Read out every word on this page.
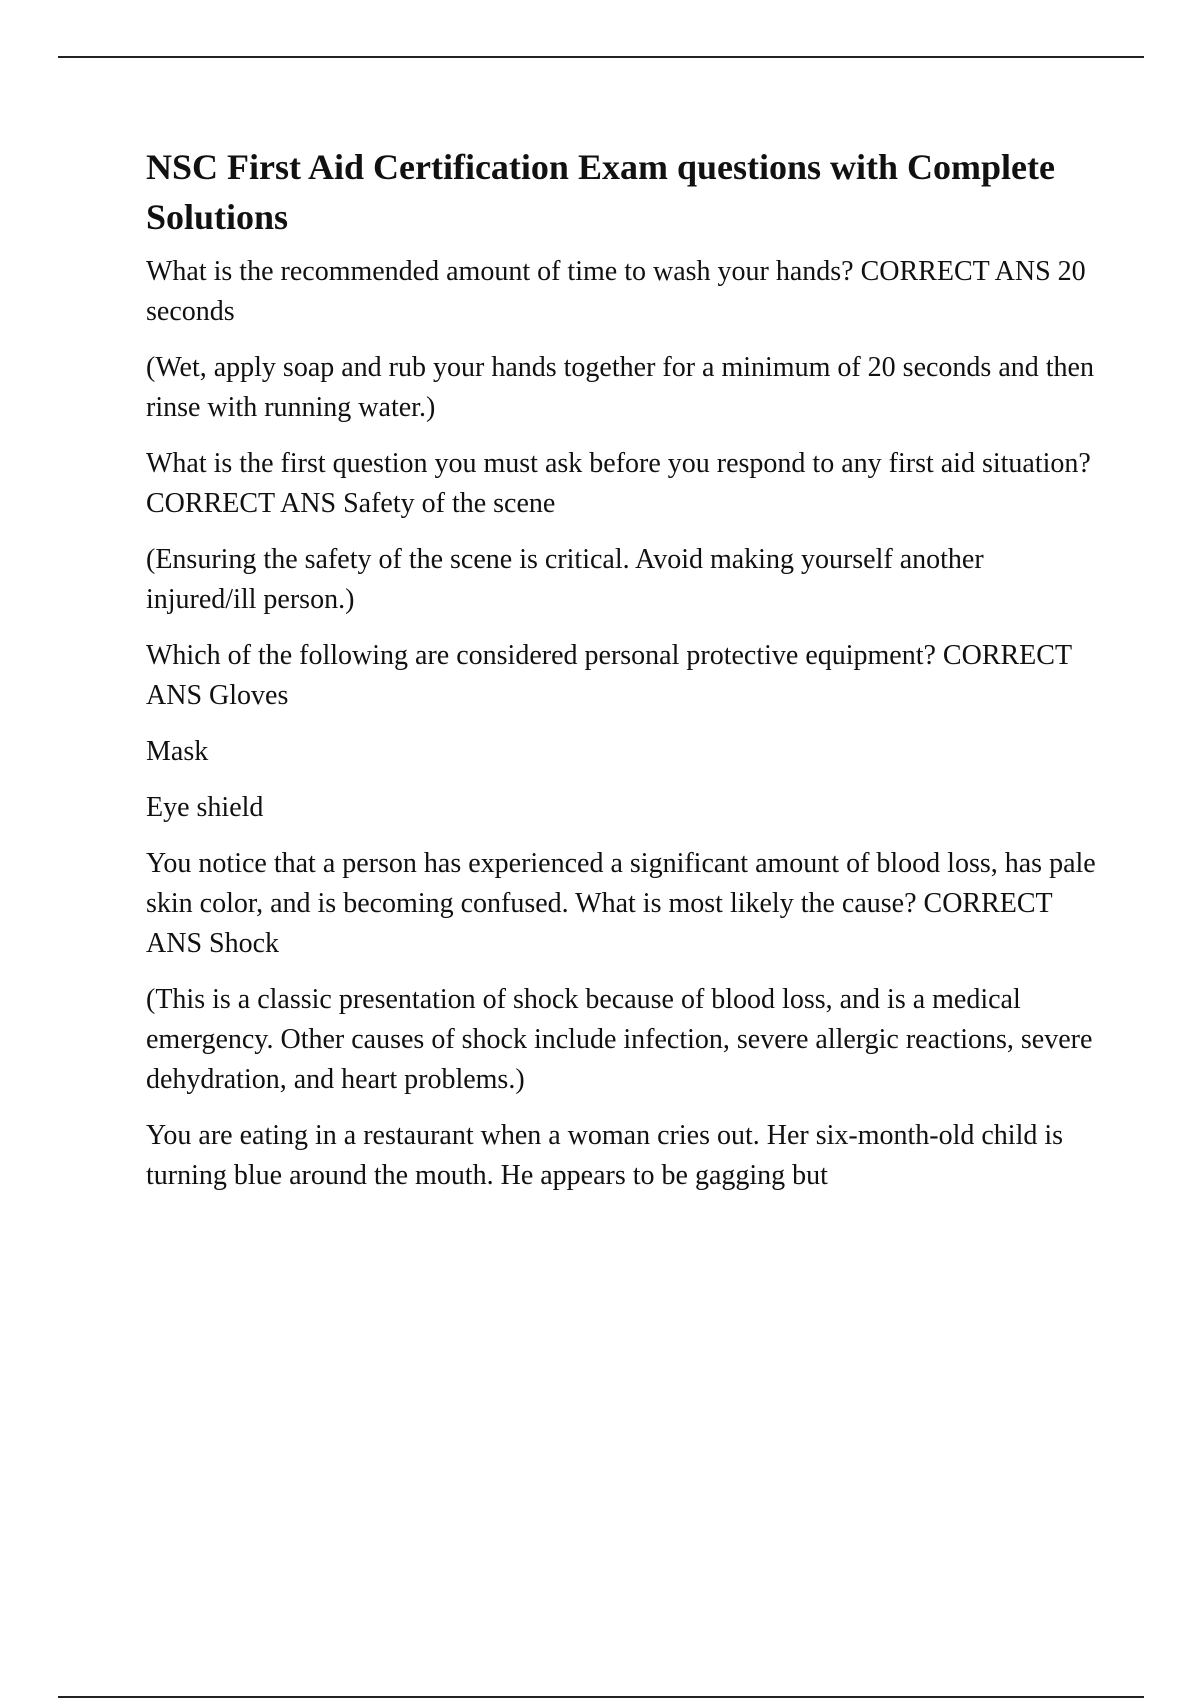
NSC First Aid Certification Exam questions with Complete Solutions

What is the recommended amount of time to wash your hands? CORRECT ANS 20 seconds

(Wet, apply soap and rub your hands together for a minimum of 20 seconds and then rinse with running water.)

What is the first question you must ask before you respond to any first aid situation? CORRECT ANS Safety of the scene

(Ensuring the safety of the scene is critical. Avoid making yourself another injured/ill person.)

Which of the following are considered personal protective equipment? CORRECT ANS Gloves

Mask

Eye shield

You notice that a person has experienced a significant amount of blood loss, has pale skin color, and is becoming confused. What is most likely the cause? CORRECT ANS Shock

(This is a classic presentation of shock because of blood loss, and is a medical emergency. Other causes of shock include infection, severe allergic reactions, severe dehydration, and heart problems.)

You are eating in a restaurant when a woman cries out. Her six-month-old child is turning blue around the mouth. He appears to be gagging but
